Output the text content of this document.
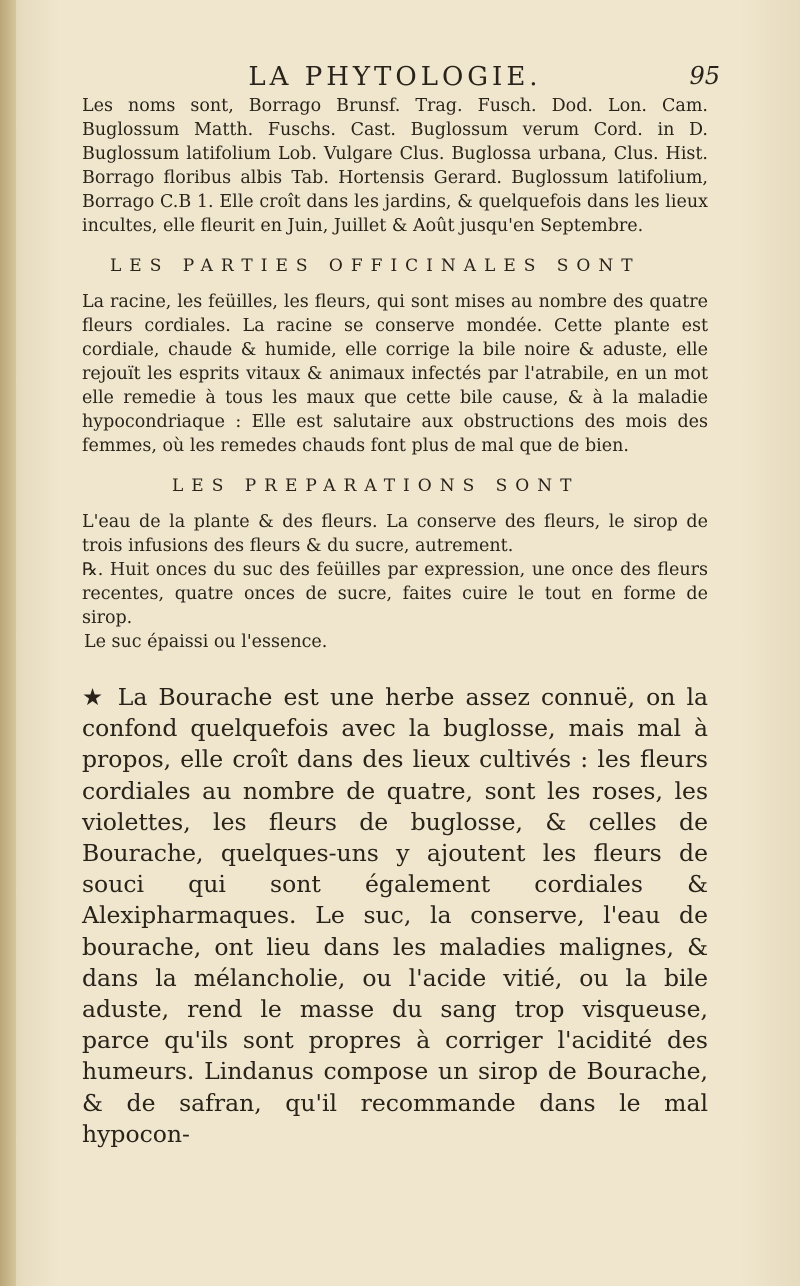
LA PHYTOLOGIE.	95

Les noms sont, Borrago Brunsf. Trag. Fusch. Dod. Lon. Cam. Buglossum Matth. Fuschs. Cast. Buglossum verum Cord. in D. Buglossum latifolium Lob. Vulgare Clus. Buglossa urbana, Clus. Hist. Borrago floribus albis Tab. Hortensis Gerard. Buglossum latifolium, Borrago C.B 1. Elle croît dans les jardins, & quelquefois dans les lieux incultes, elle fleurit en Juin, Juillet & Août jusqu'en Septembre.

LES PARTIES OFFICINALES SONT

La racine, les feüilles, les fleurs, qui sont mises au nombre des quatre fleurs cordiales. La racine se conserve mondée. Cette plante est cordiale, chaude & humide, elle corrige la bile noire & aduste, elle rejouït les esprits vitaux & animaux infectés par l'atrabile, en un mot elle remedie à tous les maux que cette bile cause, & à la maladie hypocondriaque : Elle est salutaire aux obstructions des mois des femmes, où les remedes chauds font plus de mal que de bien.

LES PREPARATIONS SONT

L'eau de la plante & des fleurs. La conserve des fleurs, le sirop de trois infusions des fleurs & du sucre, autrement.

℞. Huit onces du suc des feüilles par expression, une once des fleurs recentes, quatre onces de sucre, faites cuire le tout en forme de sirop.

Le suc épaissi ou l'essence.

★ La Bourache est une herbe assez connuë, on la confond quelquefois avec la buglosse, mais mal à propos, elle croît dans des lieux cultivés : les fleurs cordiales au nombre de quatre, sont les roses, les violettes, les fleurs de buglosse, & celles de Bourache, quelques-uns y ajoutent les fleurs de souci qui sont également cordiales & Alexipharmaques. Le suc, la conserve, l'eau de bourache, ont lieu dans les maladies malignes, & dans la mélancholie, ou l'acide vitié, ou la bile aduste, rend le masse du sang trop visqueuse, parce qu'ils sont propres à corriger l'acidité des humeurs. Lindanus compose un sirop de Bourache, & de safran, qu'il recommande dans le mal hypocon-
